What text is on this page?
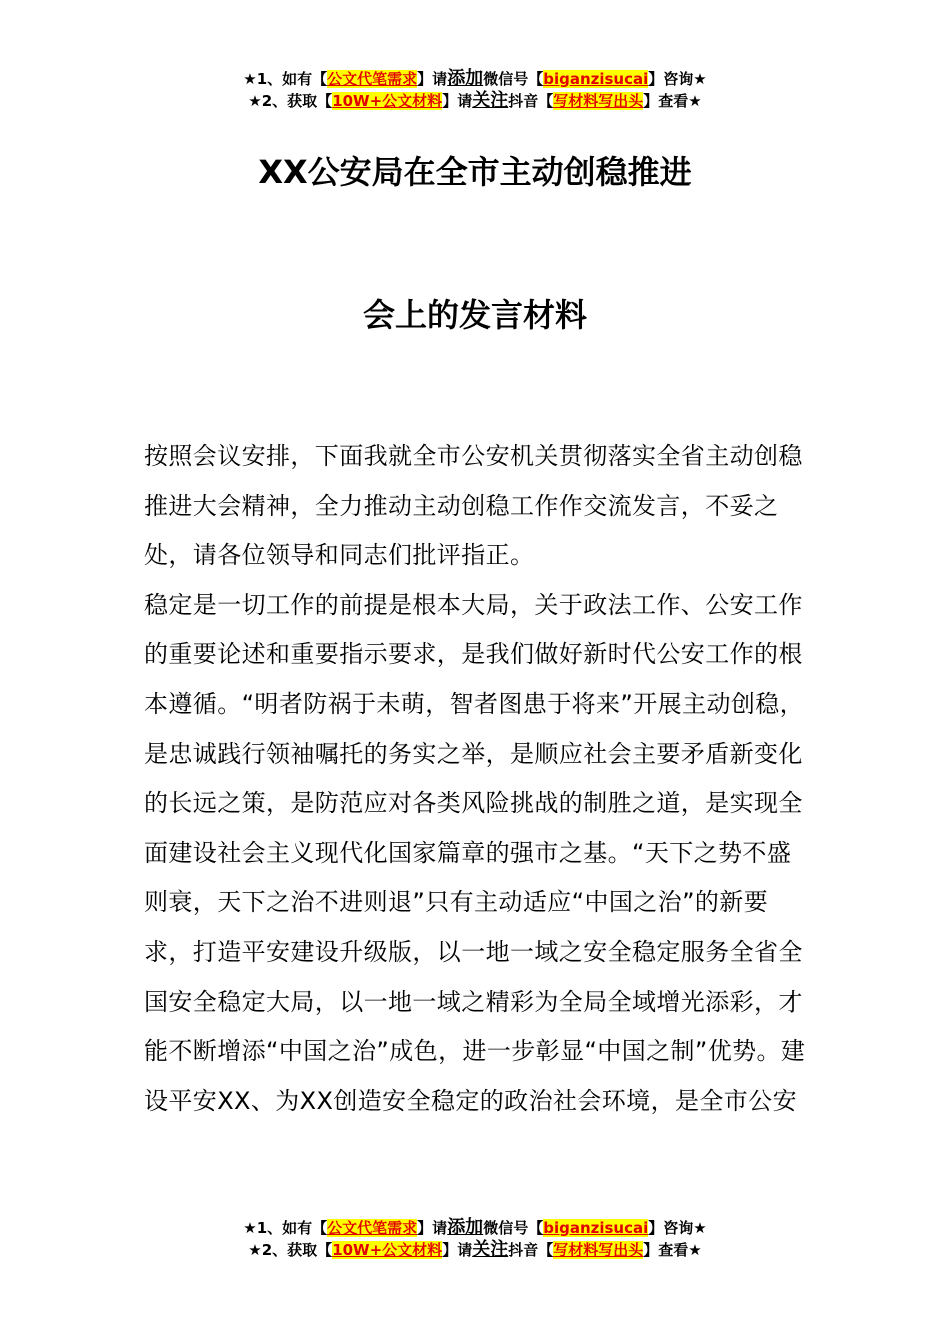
★1、如有【公文代笔需求】请添加微信号【biganzisucai】咨询★
★2、获取【10W+公文材料】请关注抖音【写材料写出头】查看★
XX公安局在全市主动创稳推进
会上的发言材料

按照会议安排，下面我就全市公安机关贯彻落实全省主动创稳推进大会精神，全力推动主动创稳工作作交流发言，不妥之处，请各位领导和同志们批评指正。

稳定是一切工作的前提是根本大局，关于政法工作、公安工作的重要论述和重要指示要求，是我们做好新时代公安工作的根本遵循。“明者防祸于未萌，智者图患于将来”开展主动创稳，是忠诚践行领袖嘱托的务实之举，是顺应社会主要矛盾新变化的长远之策，是防范应对各类风险挑战的制胜之道，是实现全面建设社会主义现代化国家篇章的强市之基。“天下之势不盛则衰，天下之治不进则退”只有主动适应“中国之治”的新要求，打造平安建设升级版，以一地一域之安全稳定服务全省全国安全稳定大局，以一地一域之精彩为全局全域增光添彩，才能不断增添“中国之治”成色，进一步彰显“中国之制”优势。建设平安XX、为XX创造安全稳定的政治社会环境，是全市公安

★1、如有【公文代笔需求】请添加微信号【biganzisucai】咨询★
★2、获取【10W+公文材料】请关注抖音【写材料写出头】查看★
